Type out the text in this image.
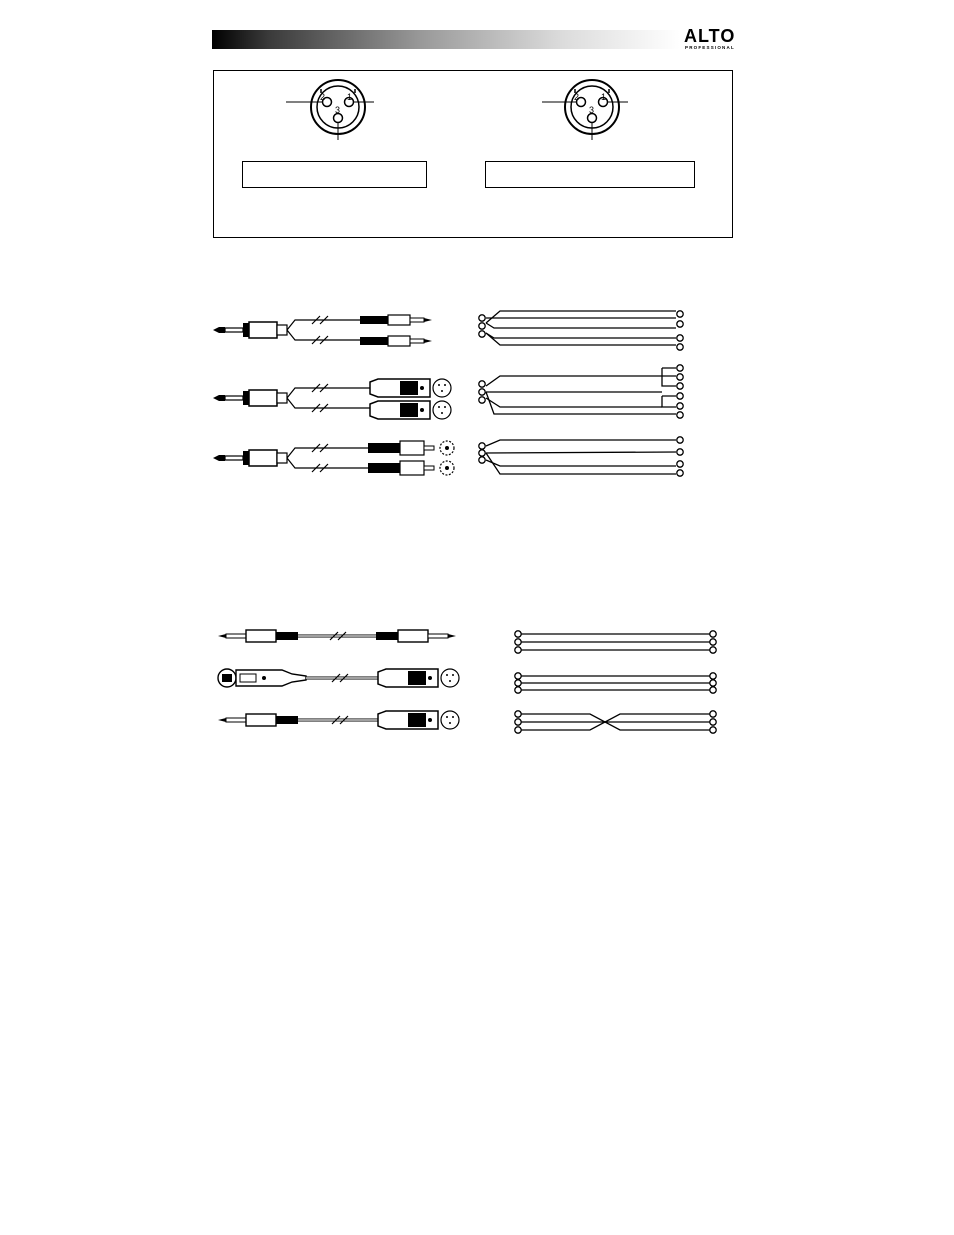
ALTO
PROFESSIONAL
2 1
3
2 1
3
